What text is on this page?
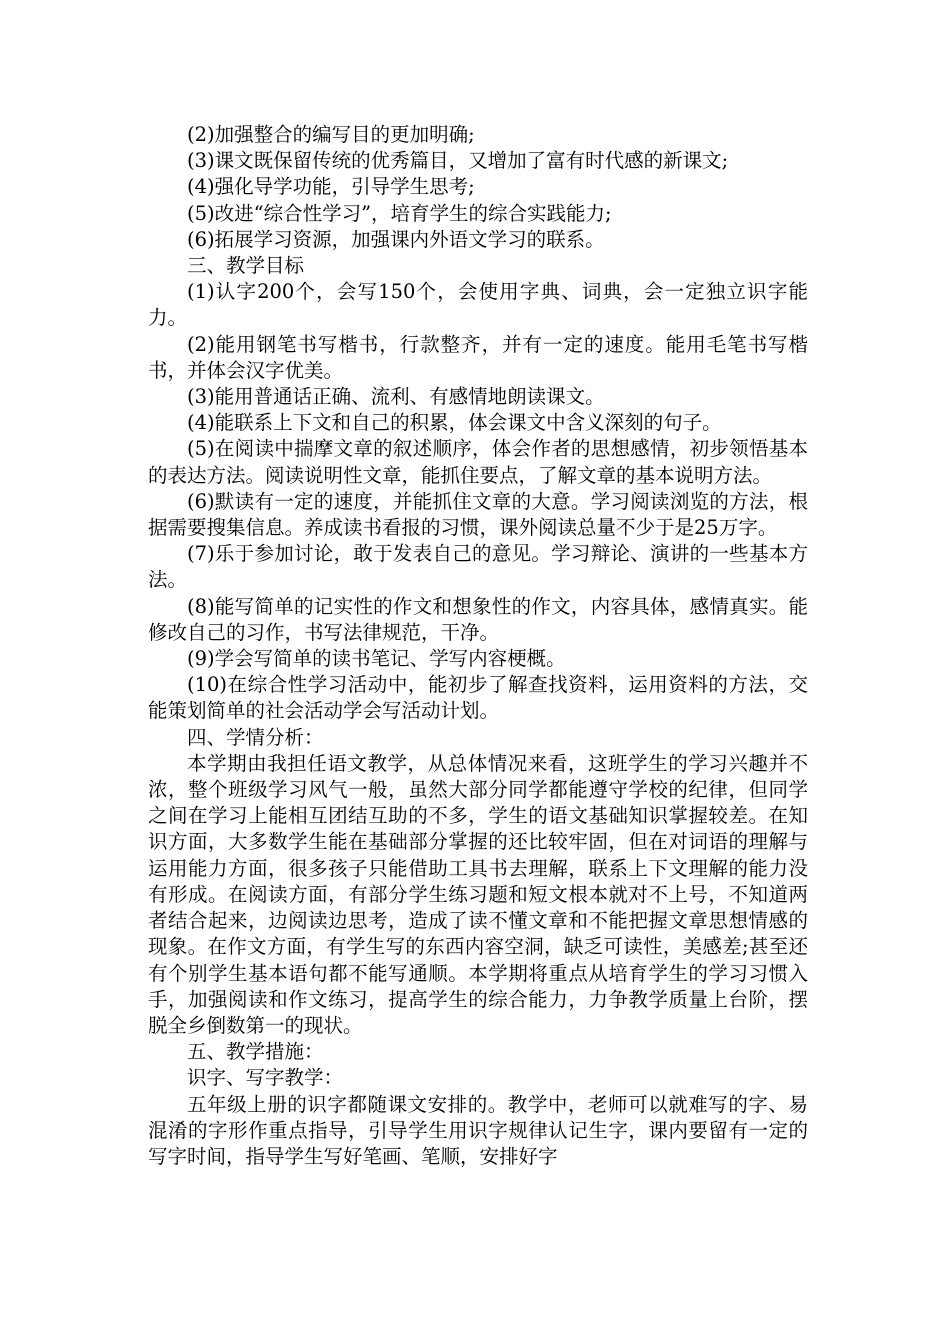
(2)加强整合的编写目的更加明确;

(3)课文既保留传统的优秀篇目，又增加了富有时代感的新课文;

(4)强化导学功能，引导学生思考;

(5)改进“综合性学习”，培育学生的综合实践能力;

(6)拓展学习资源，加强课内外语文学习的联系。

三、教学目标

(1)认字200个，会写150个，会使用字典、词典，会一定独立识字能力。

(2)能用钢笔书写楷书，行款整齐，并有一定的速度。能用毛笔书写楷书，并体会汉字优美。

(3)能用普通话正确、流利、有感情地朗读课文。

(4)能联系上下文和自己的积累，体会课文中含义深刻的句子。

(5)在阅读中揣摩文章的叙述顺序，体会作者的思想感情，初步领悟基本的表达方法。阅读说明性文章，能抓住要点，了解文章的基本说明方法。

(6)默读有一定的速度，并能抓住文章的大意。学习阅读浏览的方法，根据需要搜集信息。养成读书看报的习惯，课外阅读总量不少于是25万字。

(7)乐于参加讨论，敢于发表自己的意见。学习辩论、演讲的一些基本方法。

(8)能写简单的记实性的作文和想象性的作文，内容具体，感情真实。能修改自己的习作，书写法律规范，干净。

(9)学会写简单的读书笔记、学写内容梗概。

(10)在综合性学习活动中，能初步了解查找资料，运用资料的方法，交能策划简单的社会活动学会写活动计划。

四、学情分析：

本学期由我担任语文教学，从总体情况来看，这班学生的学习兴趣并不浓，整个班级学习风气一般，虽然大部分同学都能遵守学校的纪律，但同学之间在学习上能相互团结互助的不多，学生的语文基础知识掌握较差。在知识方面，大多数学生能在基础部分掌握的还比较牢固，但在对词语的理解与运用能力方面，很多孩子只能借助工具书去理解，联系上下文理解的能力没有形成。在阅读方面，有部分学生练习题和短文根本就对不上号，不知道两者结合起来，边阅读边思考，造成了读不懂文章和不能把握文章思想情感的现象。在作文方面，有学生写的东西内容空洞，缺乏可读性，美感差;甚至还有个别学生基本语句都不能写通顺。本学期将重点从培育学生的学习习惯入手，加强阅读和作文练习，提高学生的综合能力，力争教学质量上台阶，摆脱全乡倒数第一的现状。

五、教学措施：

识字、写字教学：

五年级上册的识字都随课文安排的。教学中，老师可以就难写的字、易混淆的字形作重点指导，引导学生用识字规律认记生字，课内要留有一定的写字时间，指导学生写好笔画、笔顺，安排好字
